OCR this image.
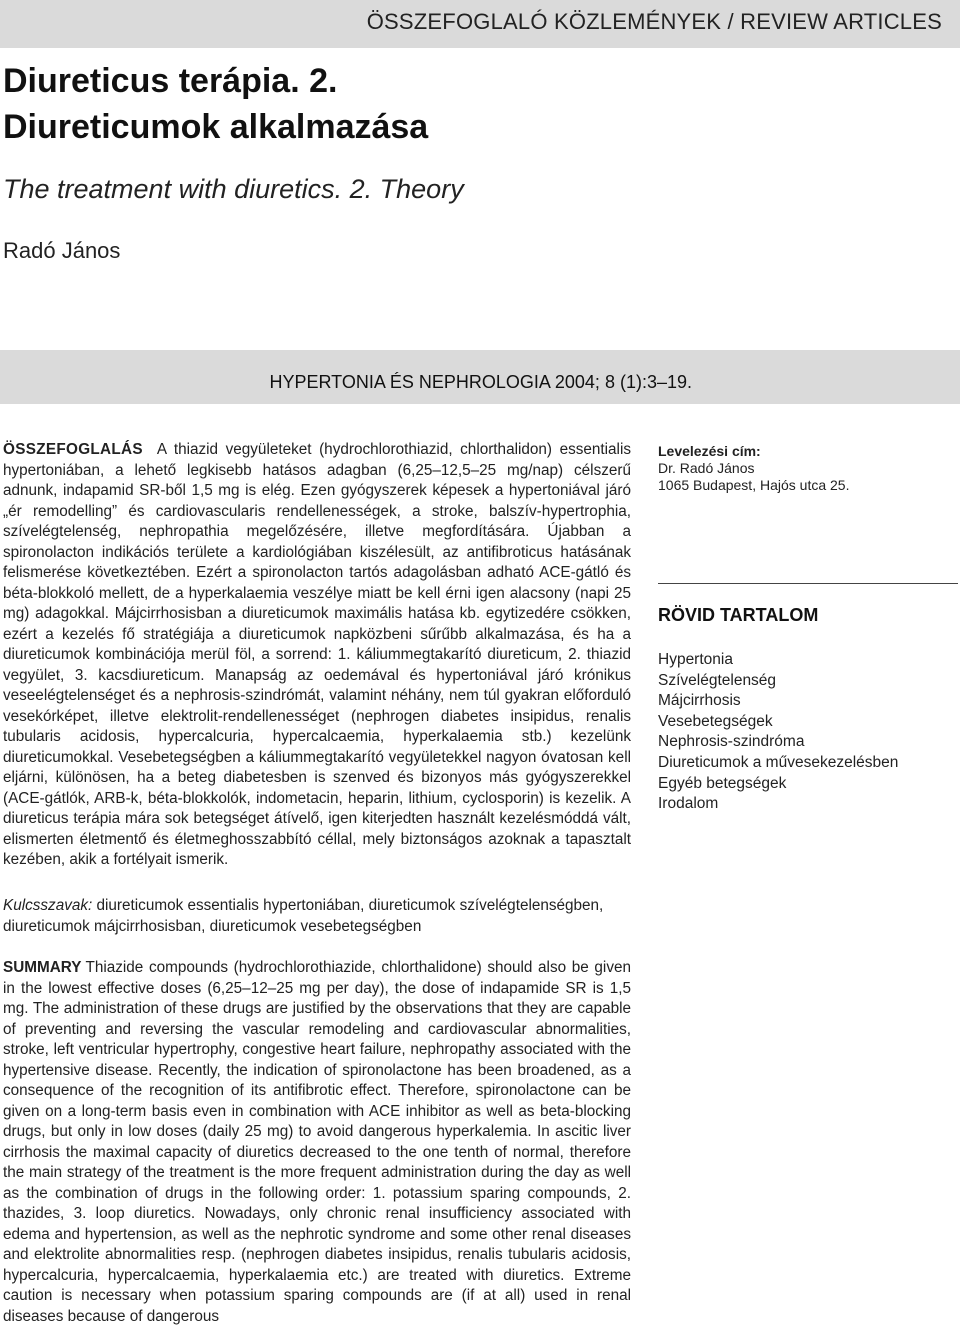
ÖSSZEFOGLALÓ KÖZLEMÉNYEK / REVIEW ARTICLES
Diureticus terápia. 2.
Diureticumok alkalmazása
The treatment with diuretics. 2. Theory
Radó János
HYPERTONIA ÉS NEPHROLOGIA 2004; 8 (1):3–19.
ÖSSZEFOGLALÁS A thiazid vegyületeket (hydrochlorothiazid, chlorthalidon) essentialis hypertoniában, a lehető legkisebb hatásos adagban (6,25–12,5–25 mg/nap) célszerű adnunk, indapamid SR-ből 1,5 mg is elég. Ezen gyógyszerek képesek a hypertoniával járó „ér remodelling” és cardiovascularis rendellenességek, a stroke, balszív-hypertrophia, szívelégtelenség, nephropathia megelőzésére, illetve megfordítására. Újabban a spironolacton indikációs területe a kardiológiában kiszélesült, az antifibroticus hatásának felismerése következtében. Ezért a spironolacton tartós adagolásban adható ACE-gátló és béta-blokkoló mellett, de a hyperkalaemia veszélye miatt be kell érni igen alacsony (napi 25 mg) adagokkal. Májcirrhosisban a diureticumok maximális hatása kb. egytizedére csökken, ezért a kezelés fő stratégiája a diureticumok napközbeni sűrűbb alkalmazása, és ha a diureticumok kombinációja merül föl, a sorrend: 1. káliummegtakarító diureticum, 2. thiazid vegyület, 3. kacsdiureticum. Manapság az oedemával és hypertoniával járó krónikus veseelégtelenséget és a nephrosis-szindrómát, valamint néhány, nem túl gyakran előforduló vesekórképet, illetve elektrolit-rendellenességet (nephrogen diabetes insipidus, renalis tubularis acidosis, hypercalcuria, hypercalcaemia, hyperkalaemia stb.) kezelünk diureticumokkal. Vesebetegségben a káliummegtakarító vegyületekkel nagyon óvatosan kell eljárni, különösen, ha a beteg diabetesben is szenved és bizonyos más gyógyszerekkel (ACE-gátlók, ARB-k, béta-blokkolók, indometacin, heparin, lithium, cyclosporin) is kezelik. A diureticus terápia mára sok betegséget átívelő, igen kiterjedten használt kezelésmóddá vált, elismerten életmentő és életmeghosszabbító céllal, mely biztonságos azoknak a tapasztalt kezében, akik a fortélyait ismerik.
Kulcsszavak: diureticumok essentialis hypertoniában, diureticumok szívelégtelenségben, diureticumok májcirrhosisban, diureticumok vesebetegségben
SUMMARY Thiazide compounds (hydrochlorothiazide, chlorthalidone) should also be given in the lowest effective doses (6,25–12–25 mg per day), the dose of indapamide SR is 1,5 mg. The administration of these drugs are justified by the observations that they are capable of preventing and reversing the vascular remodeling and cardiovascular abnormalities, stroke, left ventricular hypertrophy, congestive heart failure, nephropathy associated with the hypertensive disease. Recently, the indication of spironolactone has been broadened, as a consequence of the recognition of its antifibrotic effect. Therefore, spironolactone can be given on a long-term basis even in combination with ACE inhibitor as well as beta-blocking drugs, but only in low doses (daily 25 mg) to avoid dangerous hyperkalemia. In ascitic liver cirrhosis the maximal capacity of diuretics decreased to the one tenth of normal, therefore the main strategy of the treatment is the more frequent administration during the day as well as the combination of drugs in the following order: 1. potassium sparing compounds, 2. thazides, 3. loop diuretics. Nowadays, only chronic renal insufficiency associated with edema and hypertension, as well as the nephrotic syndrome and some other renal diseases and elektrolite abnormalities resp. (nephrogen diabetes insipidus, renalis tubularis acidosis, hypercalcuria, hypercalcaemia, hyperkalaemia etc.) are treated with diuretics. Extreme caution is necessary when potassium sparing compounds are (if at all) used in renal diseases because of dangerous
Levelezési cím:
Dr. Radó János
1065 Budapest, Hajós utca 25.
RÖVID TARTALOM
Hypertonia
Szívelégtelenség
Májcirrhosis
Vesebetegségek
Nephrosis-szindróma
Diureticumok a művesekezelésben
Egyéb betegségek
Irodalom
